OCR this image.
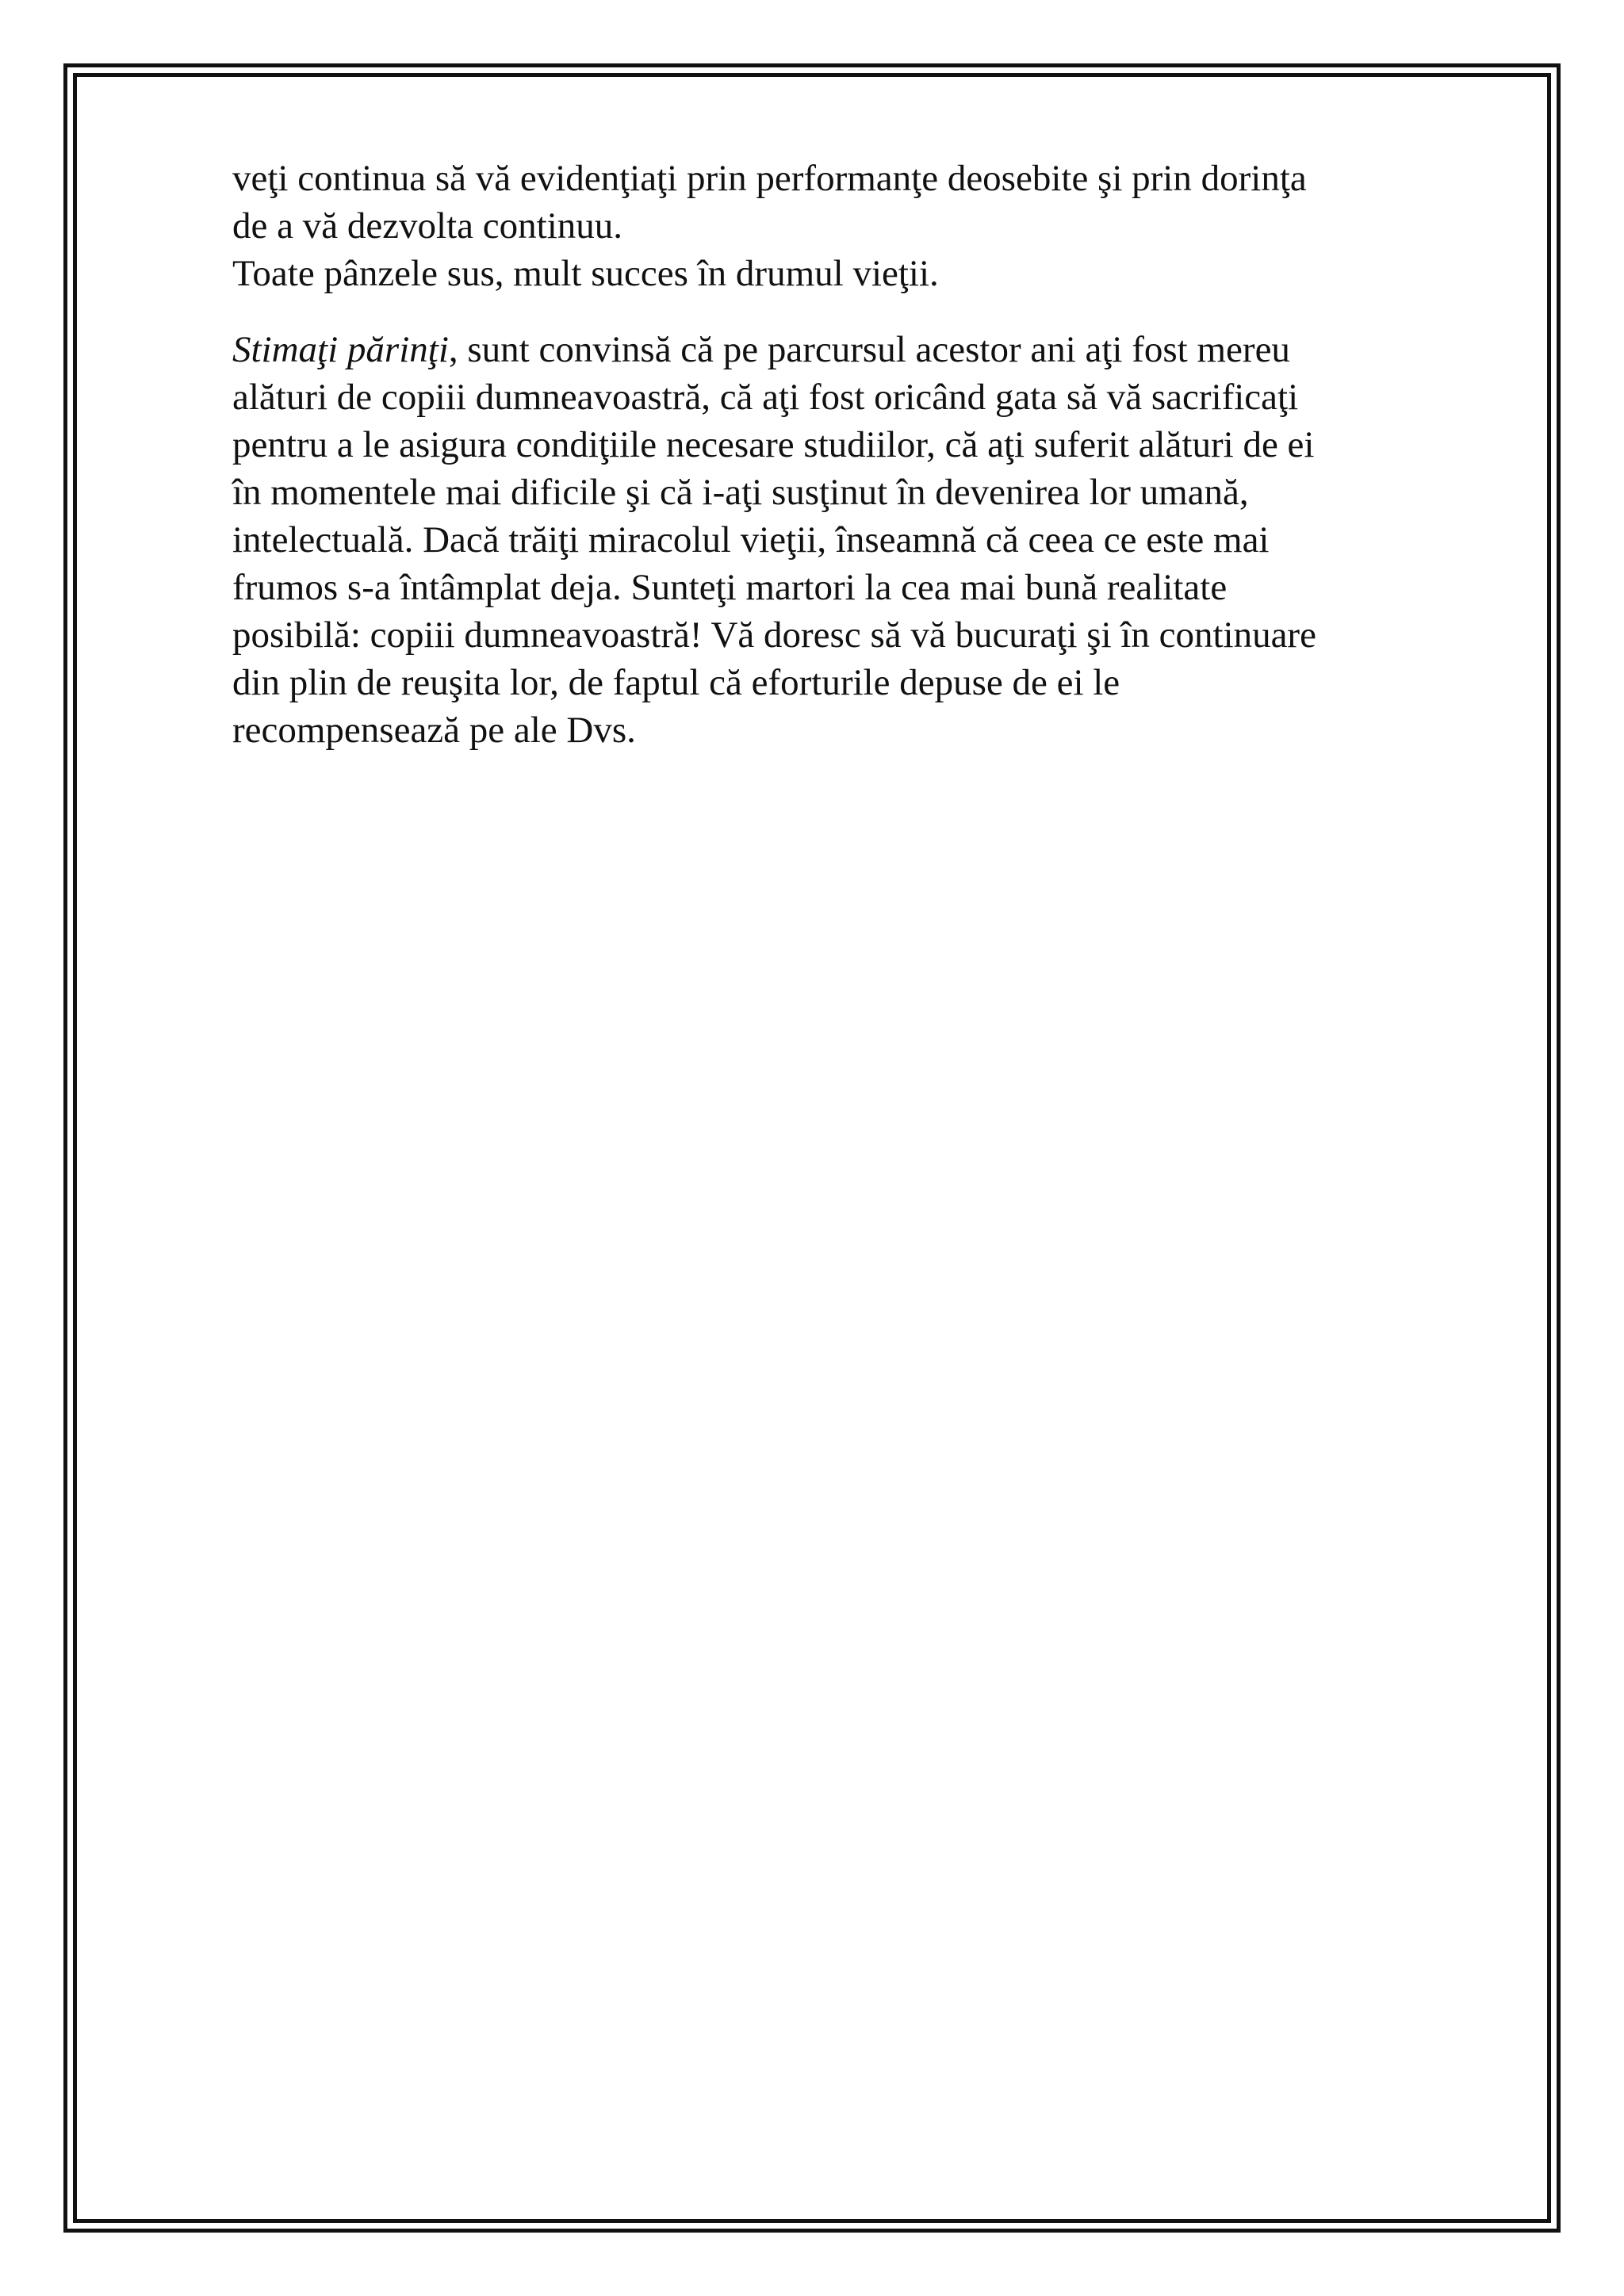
veţi continua să vă evidenţiaţi prin performanţe deosebite şi prin dorinţa
de a vă dezvolta continuu.
Toate pânzele sus, mult succes în drumul vieţii.

Stimaţi părinţi, sunt convinsă că pe parcursul acestor ani aţi fost mereu
alături de copiii dumneavoastră, că aţi fost oricând gata să vă sacrificaţi
pentru a le asigura condiţiile necesare studiilor, că aţi suferit alături de ei
în momentele mai dificile şi că i-aţi susţinut în devenirea lor umană,
intelectuală. Dacă trăiţi miracolul vieţii, înseamnă că ceea ce este mai
frumos s-a întâmplat deja. Sunteţi martori la cea mai bună realitate
posibilă: copiii dumneavoastră! Vă doresc să vă bucuraţi şi în continuare
din plin de reuşita lor, de faptul că eforturile depuse de ei le
recompensează pe ale Dvs.
